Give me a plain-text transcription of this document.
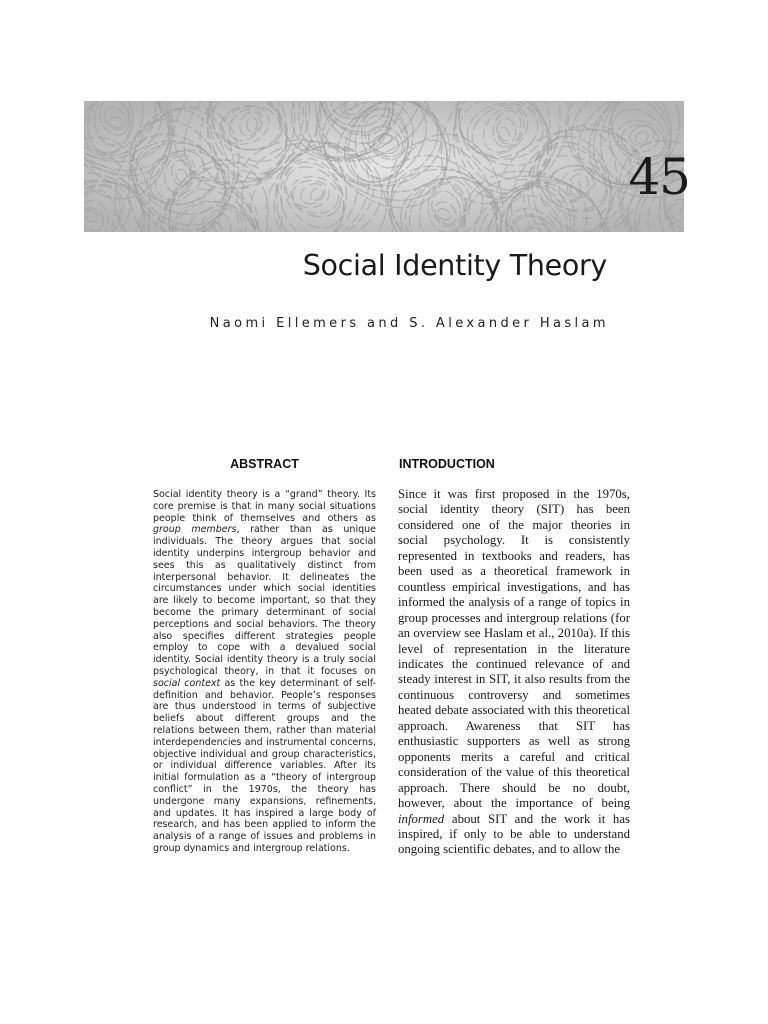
45
Social Identity Theory
Naomi Ellemers and S. Alexander Haslam
ABSTRACT

Social identity theory is a “grand” theory. Its core premise is that in many social situations people think of themselves and others as group members, rather than as unique individuals. The theory argues that social identity underpins intergroup behavior and sees this as qualitatively distinct from interpersonal behavior. It delineates the circumstances under which social identities are likely to become important, so that they become the primary determinant of social perceptions and social behaviors. The theory also specifies different strategies people employ to cope with a devalued social identity. Social identity theory is a truly social psychological theory, in that it focuses on social context as the key determinant of self-definition and behavior. People’s responses are thus understood in terms of subjective beliefs about different groups and the relations between them, rather than material interdependencies and instrumental concerns, objective individual and group characteristics, or individual difference variables. After its initial formulation as a “theory of intergroup conflict” in the 1970s, the theory has undergone many expansions, refinements, and updates. It has inspired a large body of research, and has been applied to inform the analysis of a range of issues and problems in group dynamics and intergroup relations.

INTRODUCTION

Since it was first proposed in the 1970s, social identity theory (SIT) has been considered one of the major theories in social psychology. It is consistently represented in textbooks and readers, has been used as a theoretical framework in countless empirical investigations, and has informed the analysis of a range of topics in group processes and intergroup relations (for an overview see Haslam et al., 2010a). If this level of representation in the literature indicates the continued relevance of and steady interest in SIT, it also results from the continuous controversy and sometimes heated debate associated with this theoretical approach. Awareness that SIT has enthusiastic supporters as well as strong opponents merits a careful and critical consideration of the value of this theoretical approach. There should be no doubt, however, about the importance of being informed about SIT and the work it has inspired, if only to be able to understand ongoing scientific debates, and to allow the
